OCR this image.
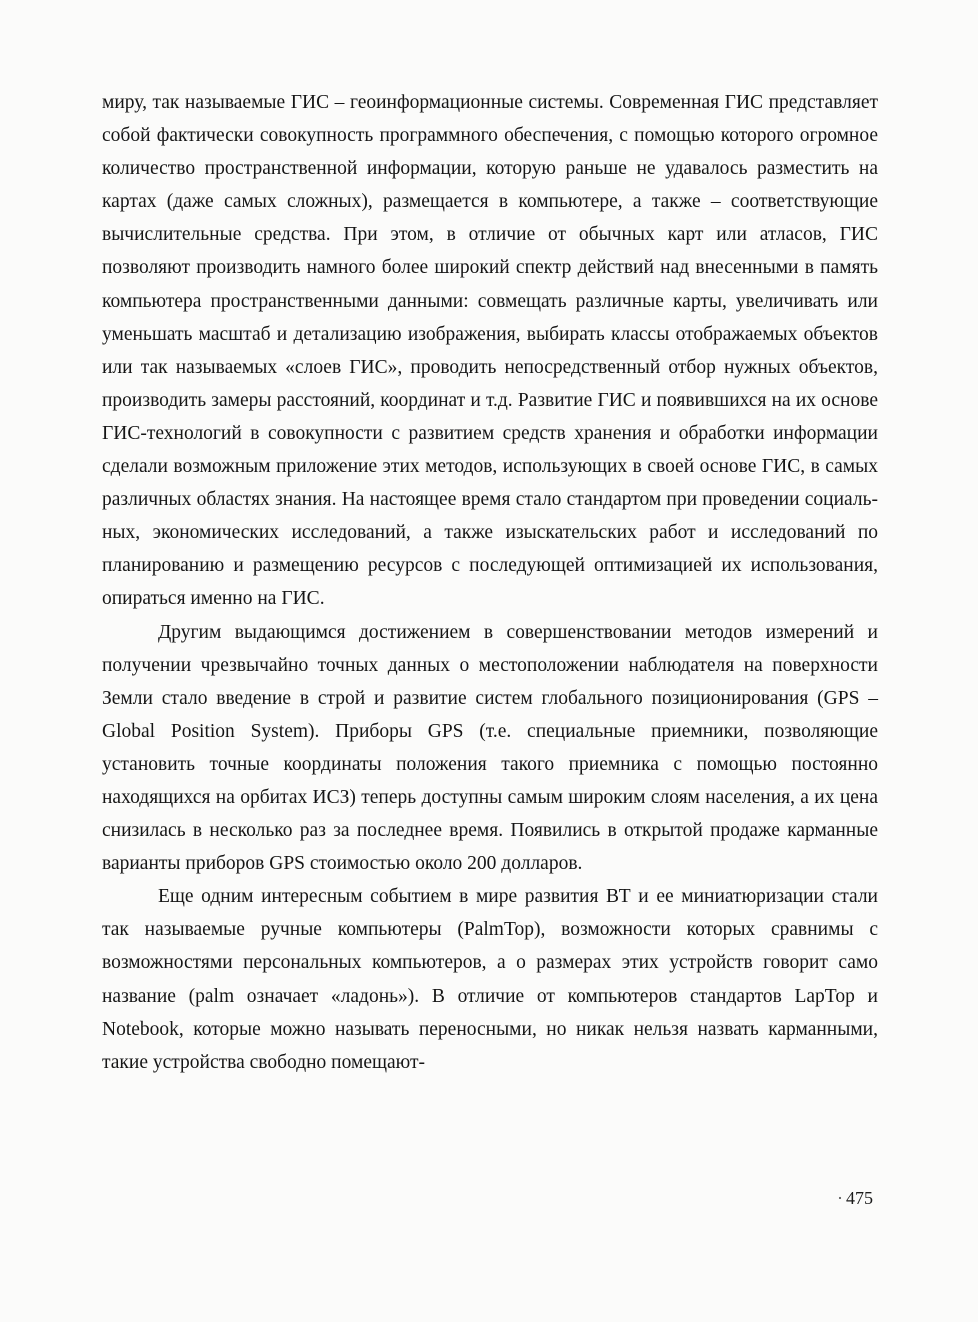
миру, так называемые ГИС – геоинформационные системы. Современная ГИС представляет собой фактически совокупность программного обеспечения, с помощью которого огромное количество пространственной информации, которую раньше не удавалось разместить на картах (даже самых сложных), размещается в компьютере, а также – соответствующие вычислительные средства. При этом, в отличие от обычных карт или атласов, ГИС позволяют производить намного более широкий спектр действий над внесенными в память компьютера пространственными данными: совмещать различные карты, увеличивать или уменьшать масштаб и детализацию изображения, выбирать классы отображаемых объектов или так называемых «слоев ГИС», проводить непосредственный отбор нужных объектов, производить замеры расстояний, координат и т.д. Развитие ГИС и появившихся на их основе ГИС-технологий в совокупности с развитием средств хранения и обработки информации сделали возможным приложение этих методов, использующих в своей основе ГИС, в самых различных областях знания. На настоящее время стало стандартом при проведении социальных, экономических исследований, а также изыскательских работ и исследований по планированию и размещению ресурсов с последующей оптимизацией их использования, опираться именно на ГИС.

Другим выдающимся достижением в совершенствовании методов измерений и получении чрезвычайно точных данных о местоположении наблюдателя на поверхности Земли стало введение в строй и развитие систем глобального позиционирования (GPS – Global Position System). Приборы GPS (т.е. специальные приемники, позволяющие установить точные координаты положения такого приемника с помощью постоянно находящихся на орбитах ИСЗ) теперь доступны самым широким слоям населения, а их цена снизилась в несколько раз за последнее время. Появились в открытой продаже карманные варианты приборов GPS стоимостью около 200 долларов.

Еще одним интересным событием в мире развития ВТ и ее миниатюризации стали так называемые ручные компьютеры (PalmTop), возможности которых сравнимы с возможностями персональных компьютеров, а о размерах этих устройств говорит само название (palm означает «ладонь»). В отличие от компьютеров стандартов LapTop и Notebook, которые можно называть переносными, но никак нельзя назвать карманными, такие устройства свободно помещают-

· 475
